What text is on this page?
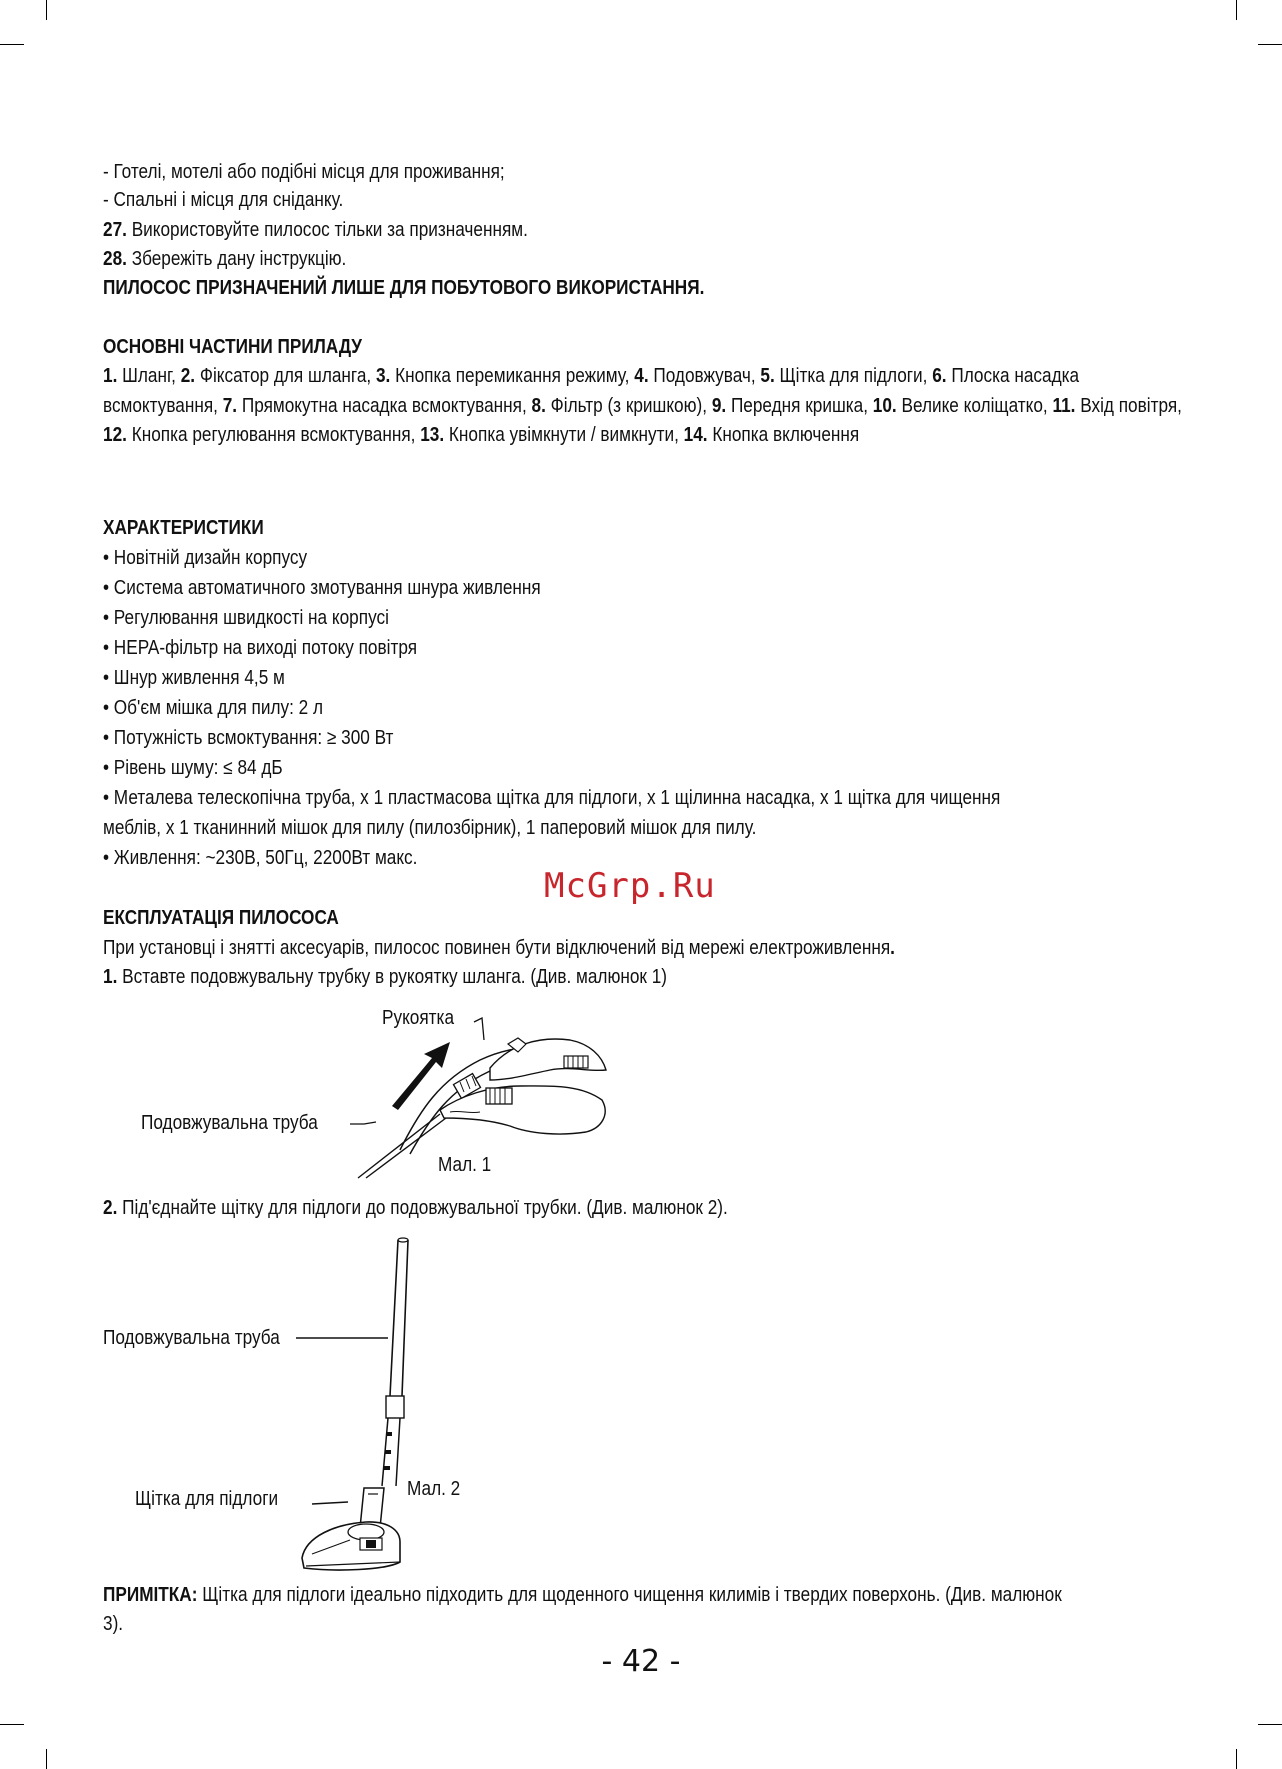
- Готелі, мотелі або подібні місця для проживання;
- Спальні і місця для сніданку.
27. Використовуйте пилосос тільки за призначенням.
28. Збережіть дану інструкцію.
ПИЛОСОС ПРИЗНАЧЕНИЙ ЛИШЕ ДЛЯ ПОБУТОВОГО ВИКОРИСТАННЯ.
ОСНОВНІ ЧАСТИНИ ПРИЛАДУ
1. Шланг, 2. Фіксатор для шланга, 3. Кнопка перемикання режиму, 4. Подовжувач, 5. Щітка для підлоги, 6. Плоска насадка всмоктування, 7. Прямокутна насадка всмоктування, 8. Фільтр (з кришкою), 9. Передня кришка, 10. Велике коліщатко, 11. Вхід повітря, 12. Кнопка регулювання всмоктування, 13. Кнопка увімкнути / вимкнути, 14. Кнопка включення
ХАРАКТЕРИСТИКИ
• Новітній дизайн корпусу
• Система автоматичного змотування шнура живлення
• Регулювання швидкості на корпусі
• HEPA-фільтр на виході потоку повітря
• Шнур живлення 4,5 м
• Об'єм мішка для пилу: 2 л
• Потужність всмоктування: ≥ 300 Вт
• Рівень шуму: ≤ 84 дБ
• Металева телескопічна труба, х 1 пластмасова щітка для підлоги, х 1 щілинна насадка, х 1 щітка для чищення
меблів, х 1 тканинний мішок для пилу (пилозбірник), 1 паперовий мішок для пилу.
• Живлення: ~230В, 50Гц, 2200Вт макс.
McGrp.Ru
ЕКСПЛУАТАЦІЯ ПИЛОСОСА
При установці і знятті аксесуарів, пилосос повинен бути відключений від мережі електроживлення.
1. Вставте подовжувальну трубку в рукоятку шланга. (Див. малюнок 1)
Рукоятка
Подовжувальна труба
Мал. 1
2. Під'єднайте щітку для підлоги до подовжувальної трубки. (Див. малюнок 2).
Подовжувальна труба
Щітка для підлоги	Мал. 2
ПРИМІТКА: Щітка для підлоги ідеально підходить для щоденного чищення килимів і твердих поверхонь. (Див. малюнок
3).
- 42 -
